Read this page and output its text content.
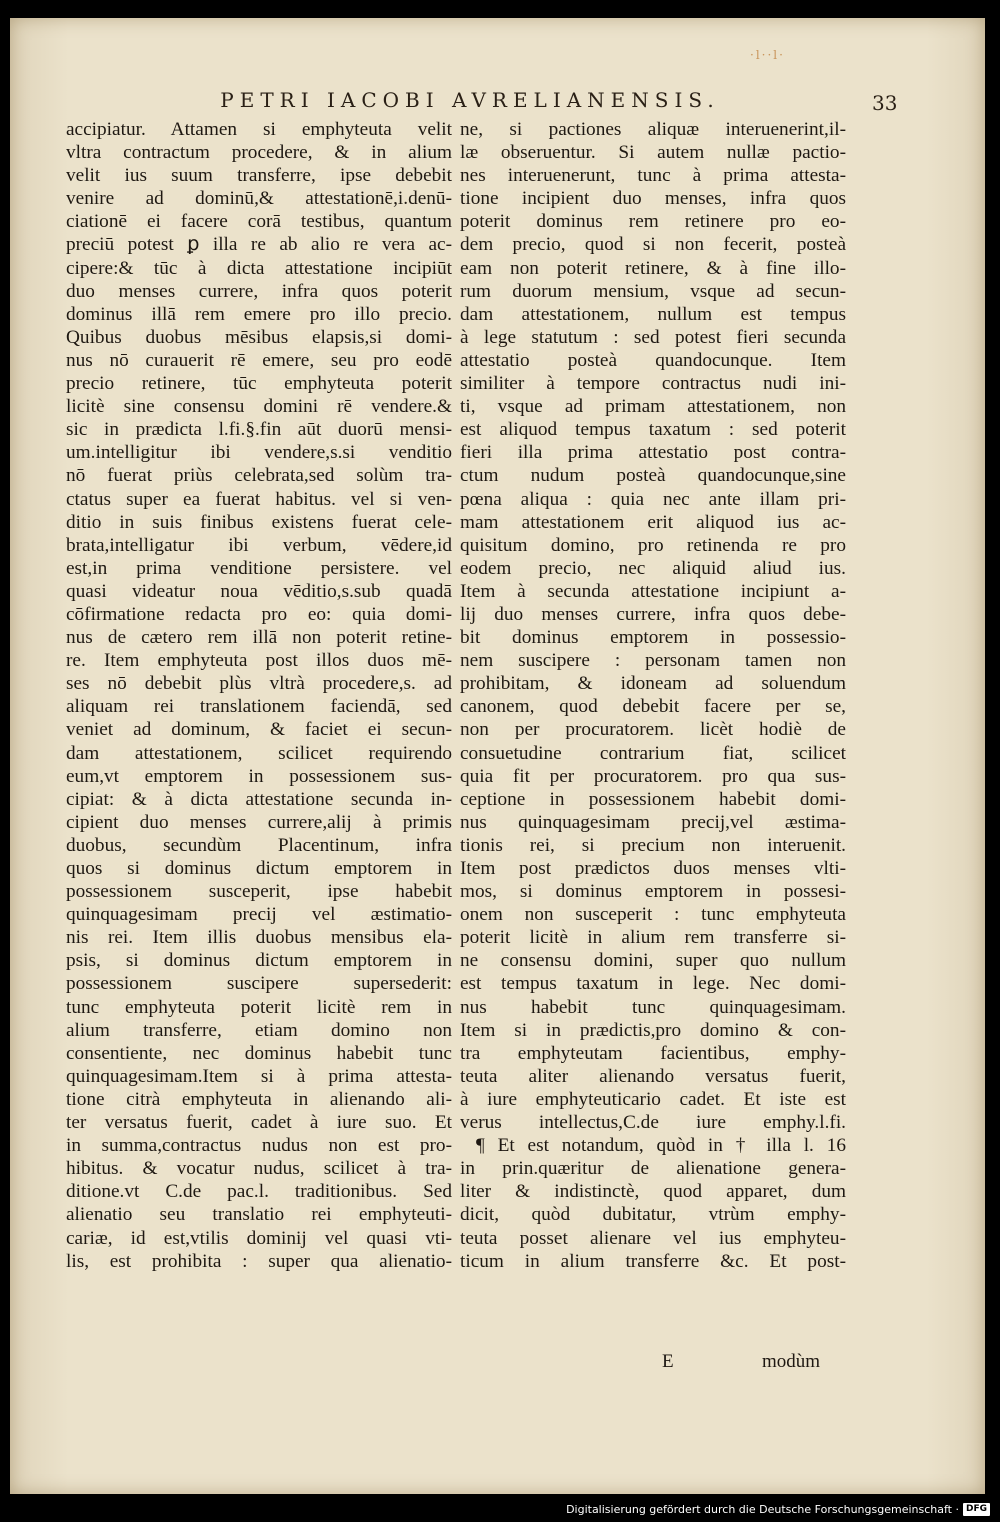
·l··l·
PETRI IACOBI AVRELIANENSIS.	33
accipiatur. Attamen si emphyteuta velit
vltra contractum procedere, & in alium
velit ius suum transferre, ipse debebit
venire ad dominū,& attestationē,i.denū-
ciationē ei facere corā testibus, quantum
preciū potest ꝑ illa re ab alio re vera ac-
cipere:& tūc à dicta attestatione incipiūt
duo menses currere, infra quos poterit
dominus illā rem emere pro illo precio.
Quibus duobus mēsibus elapsis,si domi-
nus nō curauerit rē emere, seu pro eodē
precio retinere, tūc emphyteuta poterit
licitè sine consensu domini rē vendere.&
sic in prædicta l.fi.§.fin aūt duorū mensi-
um.intelligitur ibi vendere,s.si venditio
nō fuerat priùs celebrata,sed solùm tra-
ctatus super ea fuerat habitus. vel si ven-
ditio in suis finibus existens fuerat cele-
brata,intelligatur ibi verbum, vēdere,id
est,in prima venditione persistere. vel
quasi videatur noua vēditio,s.sub quadā
cōfirmatione redacta pro eo: quia domi-
nus de cætero rem illā non poterit retine-
re. Item emphyteuta post illos duos mē-
ses nō debebit plùs vltrà procedere,s. ad
aliquam rei translationem faciendā, sed
veniet ad dominum, & faciet ei secun-
dam attestationem, scilicet requirendo
eum,vt emptorem in possessionem sus-
cipiat: & à dicta attestatione secunda in-
cipient duo menses currere,alij à primis
duobus, secundùm Placentinum, infra
quos si dominus dictum emptorem in
possessionem susceperit, ipse habebit
quinquagesimam precij vel æstimatio-
nis rei. Item illis duobus mensibus ela-
psis, si dominus dictum emptorem in
possessionem suscipere supersederit:
tunc emphyteuta poterit licitè rem in
alium transferre, etiam domino non
consentiente, nec dominus habebit tunc
quinquagesimam.Item si à prima attesta-
tione citrà emphyteuta in alienando ali-
ter versatus fuerit, cadet à iure suo. Et
in summa,contractus nudus non est pro-
hibitus. & vocatur nudus, scilicet à tra-
ditione.vt C.de pac.l. traditionibus. Sed
alienatio seu translatio rei emphyteuti-
cariæ, id est,vtilis dominij vel quasi vti-
lis, est prohibita : super qua alienatio-
ne, si pactiones aliquæ interuenerint,il-
læ obseruentur. Si autem nullæ pactio-
nes interuenerunt, tunc à prima attesta-
tione incipient duo menses, infra quos
poterit dominus rem retinere pro eo-
dem precio, quod si non fecerit, posteà
eam non poterit retinere, & à fine illo-
rum duorum mensium, vsque ad secun-
dam attestationem, nullum est tempus
à lege statutum : sed potest fieri secunda
attestatio posteà quandocunque. Item
similiter à tempore contractus nudi ini-
ti, vsque ad primam attestationem, non
est aliquod tempus taxatum : sed poterit
fieri illa prima attestatio post contra-
ctum nudum posteà quandocunque,sine
pœna aliqua : quia nec ante illam pri-
mam attestationem erit aliquod ius ac-
quisitum domino, pro retinenda re pro
eodem precio, nec aliquid aliud ius.
Item à secunda attestatione incipiunt a-
lij duo menses currere, infra quos debe-
bit dominus emptorem in possessio-
nem suscipere : personam tamen non
prohibitam, & idoneam ad soluendum
canonem, quod debebit facere per se,
non per procuratorem. licèt hodiè de
consuetudine contrarium fiat, scilicet
quia fit per procuratorem. pro qua sus-
ceptione in possessionem habebit domi-
nus quinquagesimam precij,vel æstima-
tionis rei, si precium non interuenit.
Item post prædictos duos menses vlti-
mos, si dominus emptorem in possesi-
onem non susceperit : tunc emphyteuta
poterit licitè in alium rem transferre si-
ne consensu domini, super quo nullum
est tempus taxatum in lege. Nec domi-
nus habebit tunc quinquagesimam.
Item si in prædictis,pro domino & con-
tra emphyteutam facientibus, emphy-
teuta aliter alienando versatus fuerit,
à iure emphyteuticario cadet. Et iste est
verus intellectus,C.de iure emphy.l.fi.
¶ Et est notandum, quòd in † illa l. 16
in prin.quæritur de alienatione genera-
liter & indistinctè, quod apparet, dum
dicit, quòd dubitatur, vtrùm emphy-
teuta posset alienare vel ius emphyteu-
ticum in alium transferre &c. Et post-
E	modùm
Digitalisierung gefördert durch die Deutsche Forschungsgemeinschaft · DFG
